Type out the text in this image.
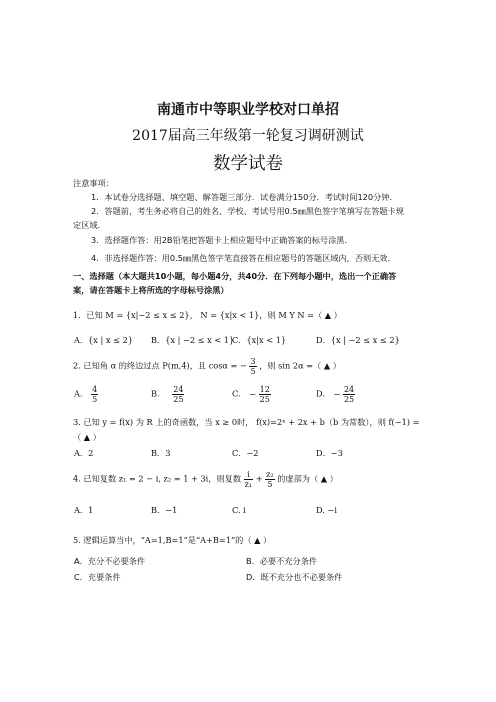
南通市中等职业学校对口单招
2017届高三年级第一轮复习调研测试
数学试卷
注意事项：
1．本试卷分选择题、填空题、解答题三部分．试卷满分150分．考试时间120分钟．
2．答题前，考生务必将自己的姓名、学校、考试号用0.5㎜黑色签字笔填写在答题卡规
定区域．
3．选择题作答：用2B铅笔把答题卡上相应题号中正确答案的标号涂黑．
4．非选择题作答：用0.5㎜黑色签字笔直接答在相应题号的答题区域内，否则无效．
一、选择题（本大题共10小题，每小题4分，共40分．在下列每小题中，选出一个正确答
案，请在答题卡上将所选的字母标号涂黑）
1．已知 M = {x|−2 ≤ x ≤ 2}， N = {x|x < 1}，则 M Y N =（ ▲ ）
A．{x | x ≤ 2} B．{x | −2 ≤ x < 1}
C．{x|x < 1}	D．{x | −2 ≤ x ≤ 2}
2. 已知角 α 的终边过点 P(m,4)，且 cosα = − $\frac{3}{5}$ ，则 sin 2α =（ ▲ ）
A. $\frac{4}{5}$	B. $\frac{24}{25}$	C. − $\frac{12}{25}$	D. − $\frac{24}{25}$
3. 已知 y = f(x) 为 R 上的奇函数，当 x ≥ 0时， f(x)=2ˣ + 2x + b（b 为常数），则 f(−1) =
（ ▲ ）
A．2	B．3	C．−2	D．−3
4. 已知复数 z₁ = 2 − i, z₂ = 1 + 3i，则复数 $\frac{i}{\text{z₁}} + \frac{\text{z₂}}{5}$ 的虚部为（ ▲ ）
A．1	B．−1	C. i	D. −i
5. 逻辑运算当中，“A=1,B=1”是“A+B=1”的（ ▲ ）
A．充分不必要条件	B．必要不充分条件
C．充要条件	D．既不充分也不必要条件
